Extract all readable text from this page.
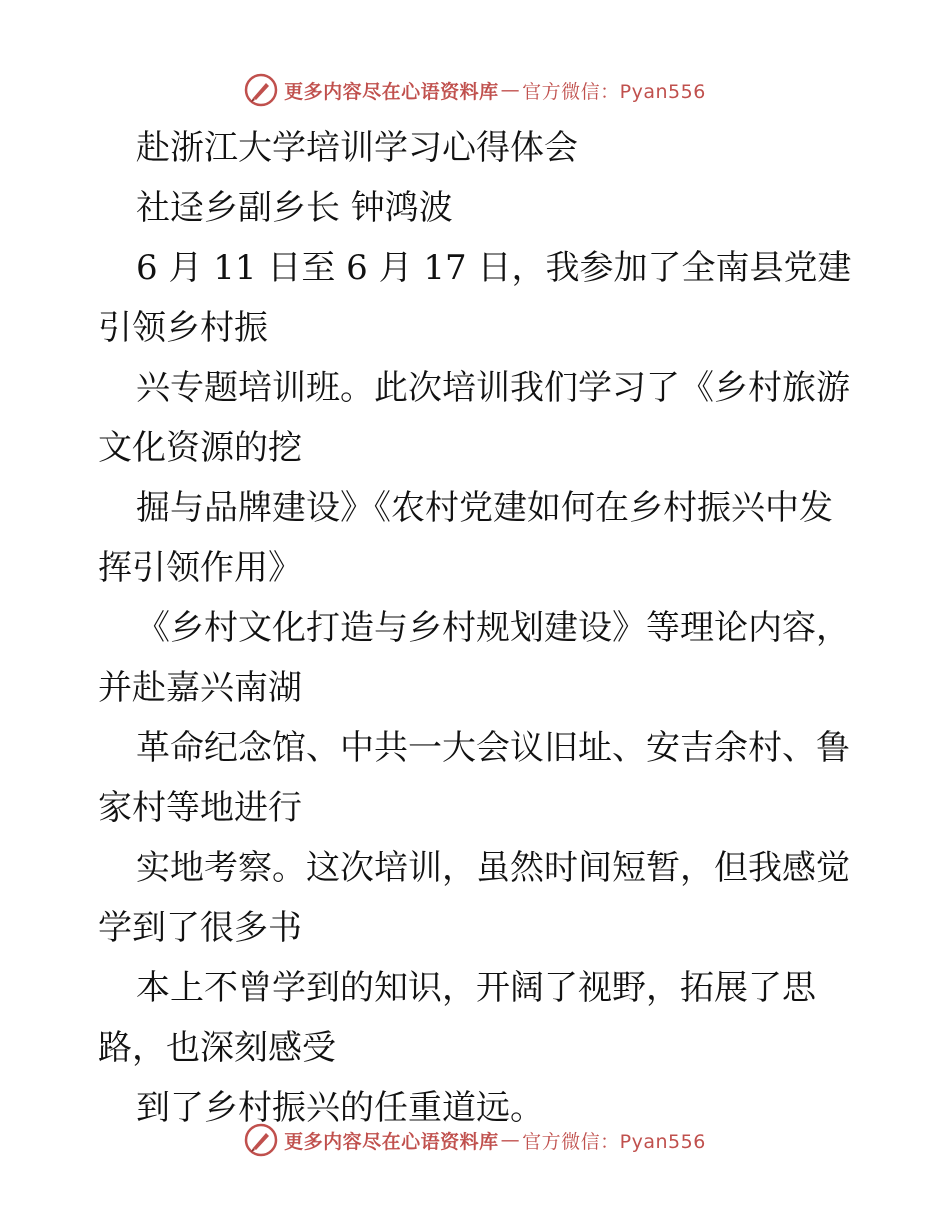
更多内容尽在心语资料库 — 官方微信：Pyan556
赴浙江大学培训学习心得体会
社迳乡副乡长 钟鸿波
6 月 11 日至 6 月 17 日，我参加了全南县党建
引领乡村振
兴专题培训班。此次培训我们学习了《乡村旅游
文化资源的挖
掘与品牌建设》《农村党建如何在乡村振兴中发
挥引领作用》
《乡村文化打造与乡村规划建设》等理论内容，
并赴嘉兴南湖
革命纪念馆、中共一大会议旧址、安吉余村、鲁
家村等地进行
实地考察。这次培训，虽然时间短暂，但我感觉
学到了很多书
本上不曾学到的知识，开阔了视野，拓展了思
路，也深刻感受
到了乡村振兴的任重道远。
更多内容尽在心语资料库 — 官方微信：Pyan556
